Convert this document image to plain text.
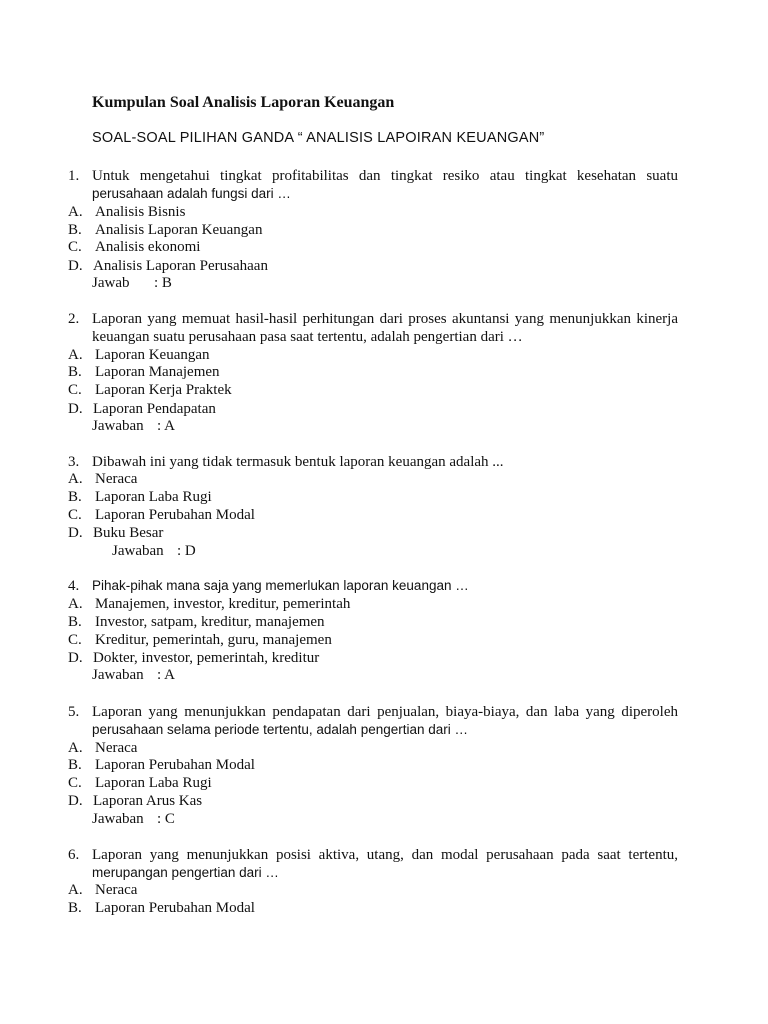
Kumpulan Soal Analisis Laporan Keuangan
SOAL-SOAL PILIHAN GANDA “ ANALISIS LAPOIRAN KEUANGAN”
1. Untuk mengetahui tingkat profitabilitas dan tingkat resiko atau tingkat kesehatan suatu
perusahaan adalah fungsi dari …
A. Analisis Bisnis
B. Analisis Laporan Keuangan
C. Analisis ekonomi
D. Analisis Laporan Perusahaan
Jawab : B
2. Laporan yang memuat hasil-hasil perhitungan dari proses akuntansi yang menunjukkan kinerja
keuangan suatu perusahaan pasa saat tertentu, adalah pengertian dari …
A. Laporan Keuangan
B. Laporan Manajemen
C. Laporan Kerja Praktek
D. Laporan Pendapatan
Jawaban : A
3. Dibawah ini yang tidak termasuk bentuk laporan keuangan adalah ...
A. Neraca
B. Laporan Laba Rugi
C. Laporan Perubahan Modal
D. Buku Besar
Jawaban : D
4. Pihak-pihak mana saja yang memerlukan laporan keuangan …
A. Manajemen, investor, kreditur, pemerintah
B. Investor, satpam, kreditur, manajemen
C. Kreditur, pemerintah, guru, manajemen
D. Dokter, investor, pemerintah, kreditur
Jawaban : A
5. Laporan yang menunjukkan pendapatan dari penjualan, biaya-biaya, dan laba yang diperoleh
perusahaan selama periode tertentu, adalah pengertian dari …
A. Neraca
B. Laporan Perubahan Modal
C. Laporan Laba Rugi
D. Laporan Arus Kas
Jawaban : C
6. Laporan yang menunjukkan posisi aktiva, utang, dan modal perusahaan pada saat tertentu,
merupangan pengertian dari …
A. Neraca
B. Laporan Perubahan Modal
